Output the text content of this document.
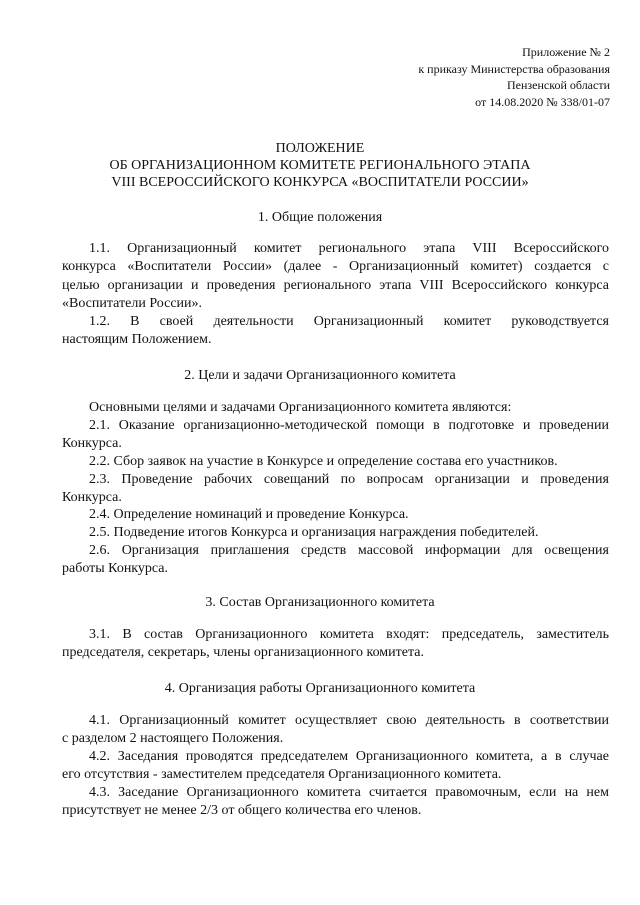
Приложение № 2
к приказу Министерства образования
Пензенской области
от 14.08.2020 № 338/01-07
ПОЛОЖЕНИЕ
ОБ ОРГАНИЗАЦИОННОМ КОМИТЕТЕ РЕГИОНАЛЬНОГО ЭТАПА
VIII ВСЕРОССИЙСКОГО КОНКУРСА «ВОСПИТАТЕЛИ РОССИИ»
1. Общие положения
1.1. Организационный комитет регионального этапа VIII Всероссийского
конкурса «Воспитатели России» (далее - Организационный комитет) создается с
целью организации и проведения регионального этапа VIII Всероссийского конкурса
«Воспитатели России».
1.2. В своей деятельности Организационный комитет руководствуется
настоящим Положением.
2. Цели и задачи Организационного комитета
Основными целями и задачами Организационного комитета являются:
2.1. Оказание организационно-методической помощи в подготовке и проведении
Конкурса.
2.2. Сбор заявок на участие в Конкурсе и определение состава его участников.
2.3. Проведение рабочих совещаний по вопросам организации и проведения
Конкурса.
2.4. Определение номинаций и проведение Конкурса.
2.5. Подведение итогов Конкурса и организация награждения победителей.
2.6. Организация приглашения средств массовой информации для освещения
работы Конкурса.
3. Состав Организационного комитета
3.1. В состав Организационного комитета входят: председатель, заместитель
председателя, секретарь, члены организационного комитета.
4. Организация работы Организационного комитета
4.1. Организационный комитет осуществляет свою деятельность в соответствии
с разделом 2 настоящего Положения.
4.2. Заседания проводятся председателем Организационного комитета, а в случае
его отсутствия - заместителем председателя Организационного комитета.
4.3. Заседание Организационного комитета считается правомочным, если на нем
присутствует не менее 2/3 от общего количества его членов.
